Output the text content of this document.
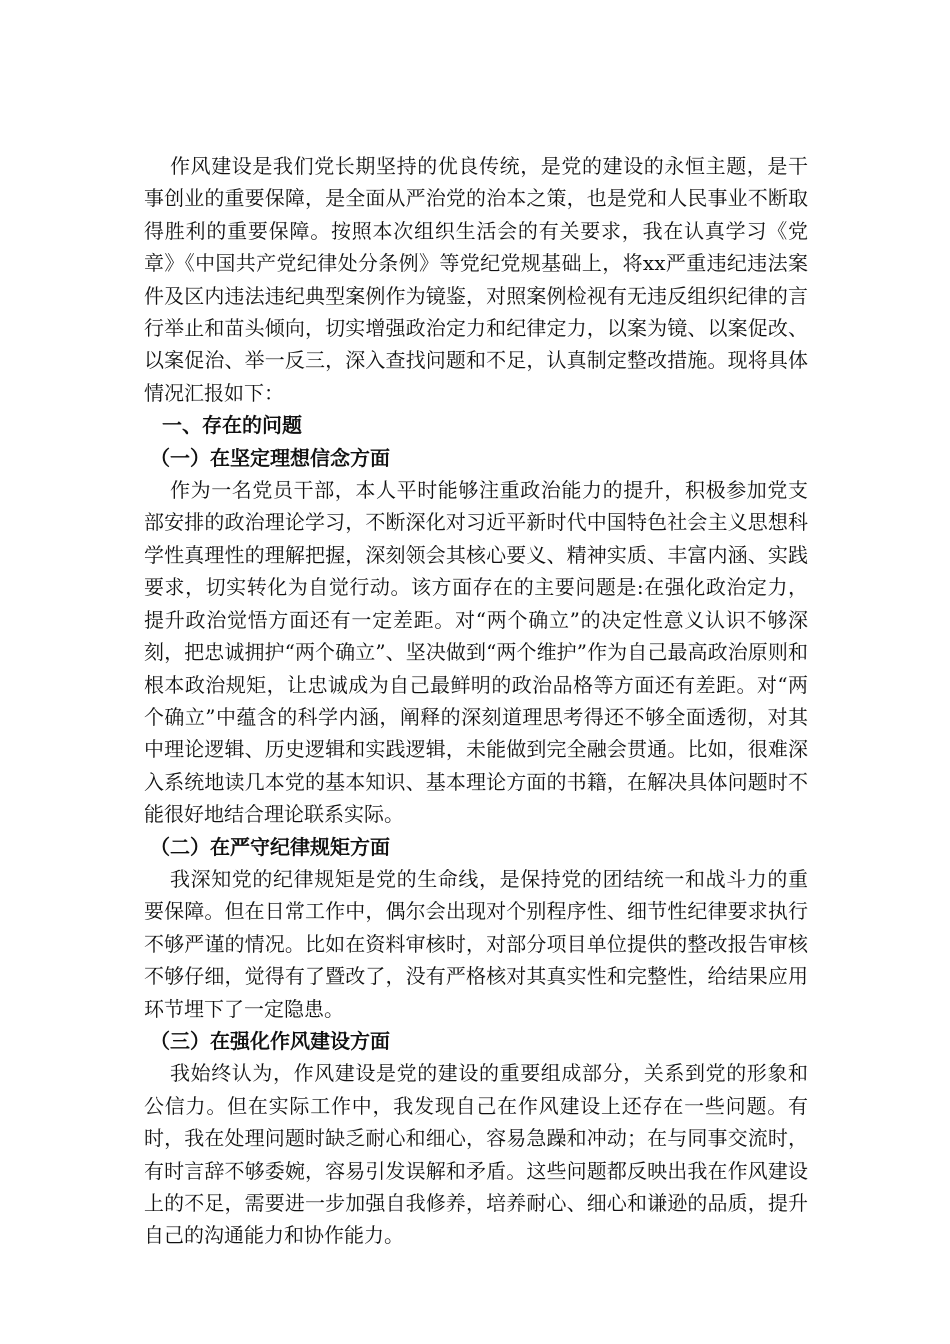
作风建设是我们党长期坚持的优良传统，是党的建设的永恒主题，是干事创业的重要保障，是全面从严治党的治本之策，也是党和人民事业不断取得胜利的重要保障。按照本次组织生活会的有关要求，我在认真学习《党章》《中国共产党纪律处分条例》等党纪党规基础上，将xx严重违纪违法案件及区内违法违纪典型案例作为镜鉴，对照案例检视有无违反组织纪律的言行举止和苗头倾向，切实增强政治定力和纪律定力，以案为镜、以案促改、以案促治、举一反三，深入查找问题和不足，认真制定整改措施。现将具体情况汇报如下：

一、存在的问题

（一）在坚定理想信念方面

作为一名党员干部，本人平时能够注重政治能力的提升，积极参加党支部安排的政治理论学习，不断深化对习近平新时代中国特色社会主义思想科学性真理性的理解把握，深刻领会其核心要义、精神实质、丰富内涵、实践要求，切实转化为自觉行动。该方面存在的主要问题是:在强化政治定力，提升政治觉悟方面还有一定差距。对“两个确立”的决定性意义认识不够深刻，把忠诚拥护“两个确立”、坚决做到“两个维护”作为自己最高政治原则和根本政治规矩，让忠诚成为自己最鲜明的政治品格等方面还有差距。对“两个确立”中蕴含的科学内涵，阐释的深刻道理思考得还不够全面透彻，对其中理论逻辑、历史逻辑和实践逻辑，未能做到完全融会贯通。比如，很难深入系统地读几本党的基本知识、基本理论方面的书籍，在解决具体问题时不能很好地结合理论联系实际。

（二）在严守纪律规矩方面

我深知党的纪律规矩是党的生命线，是保持党的团结统一和战斗力的重要保障。但在日常工作中，偶尔会出现对个别程序性、细节性纪律要求执行不够严谨的情况。比如在资料审核时，对部分项目单位提供的整改报告审核不够仔细，觉得有了暨改了，没有严格核对其真实性和完整性，给结果应用环节埋下了一定隐患。

（三）在强化作风建设方面

我始终认为，作风建设是党的建设的重要组成部分，关系到党的形象和公信力。但在实际工作中，我发现自己在作风建设上还存在一些问题。有时，我在处理问题时缺乏耐心和细心，容易急躁和冲动；在与同事交流时，有时言辞不够委婉，容易引发误解和矛盾。这些问题都反映出我在作风建设上的不足，需要进一步加强自我修养，培养耐心、细心和谦逊的品质，提升自己的沟通能力和协作能力。
